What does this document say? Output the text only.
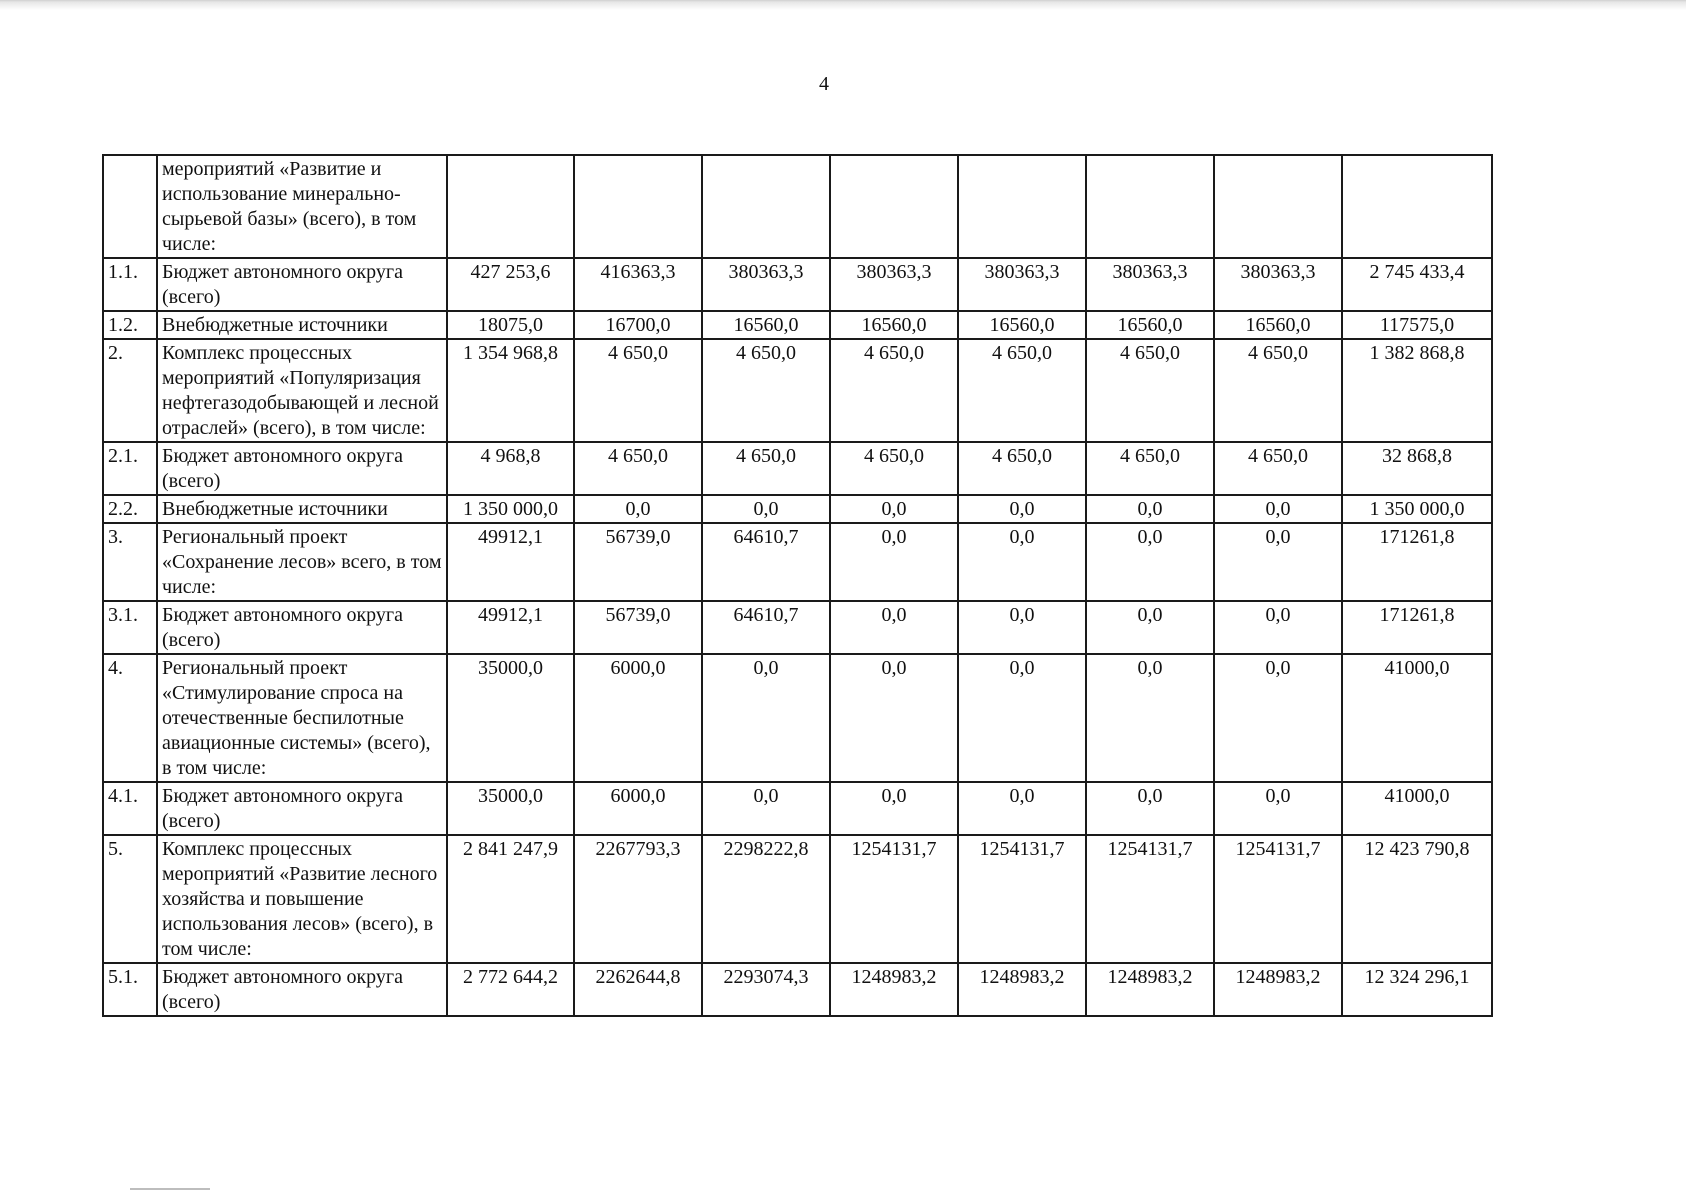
4
	мероприятий «Развитие и использование минерально-сырьевой базы» (всего), в том числе:								
1.1.	Бюджет автономного округа (всего)	427 253,6	416363,3	380363,3	380363,3	380363,3	380363,3	380363,3	2 745 433,4
1.2.	Внебюджетные источники	18075,0	16700,0	16560,0	16560,0	16560,0	16560,0	16560,0	117575,0
2.	Комплекс процессных мероприятий «Популяризация нефтегазодобывающей и лесной отраслей» (всего), в том числе:	1 354 968,8	4 650,0	4 650,0	4 650,0	4 650,0	4 650,0	4 650,0	1 382 868,8
2.1.	Бюджет автономного округа (всего)	4 968,8	4 650,0	4 650,0	4 650,0	4 650,0	4 650,0	4 650,0	32 868,8
2.2.	Внебюджетные источники	1 350 000,0	0,0	0,0	0,0	0,0	0,0	0,0	1 350 000,0
3.	Региональный проект «Сохранение лесов» всего, в том числе:	49912,1	56739,0	64610,7	0,0	0,0	0,0	0,0	171261,8
3.1.	Бюджет автономного округа (всего)	49912,1	56739,0	64610,7	0,0	0,0	0,0	0,0	171261,8
4.	Региональный проект «Стимулирование спроса на отечественные беспилотные авиационные системы» (всего), в том числе:	35000,0	6000,0	0,0	0,0	0,0	0,0	0,0	41000,0
4.1.	Бюджет автономного округа (всего)	35000,0	6000,0	0,0	0,0	0,0	0,0	0,0	41000,0
5.	Комплекс процессных мероприятий «Развитие лесного хозяйства и повышение использования лесов» (всего), в том числе:	2 841 247,9	2267793,3	2298222,8	1254131,7	1254131,7	1254131,7	1254131,7	12 423 790,8
5.1.	Бюджет автономного округа (всего)	2 772 644,2	2262644,8	2293074,3	1248983,2	1248983,2	1248983,2	1248983,2	12 324 296,1
